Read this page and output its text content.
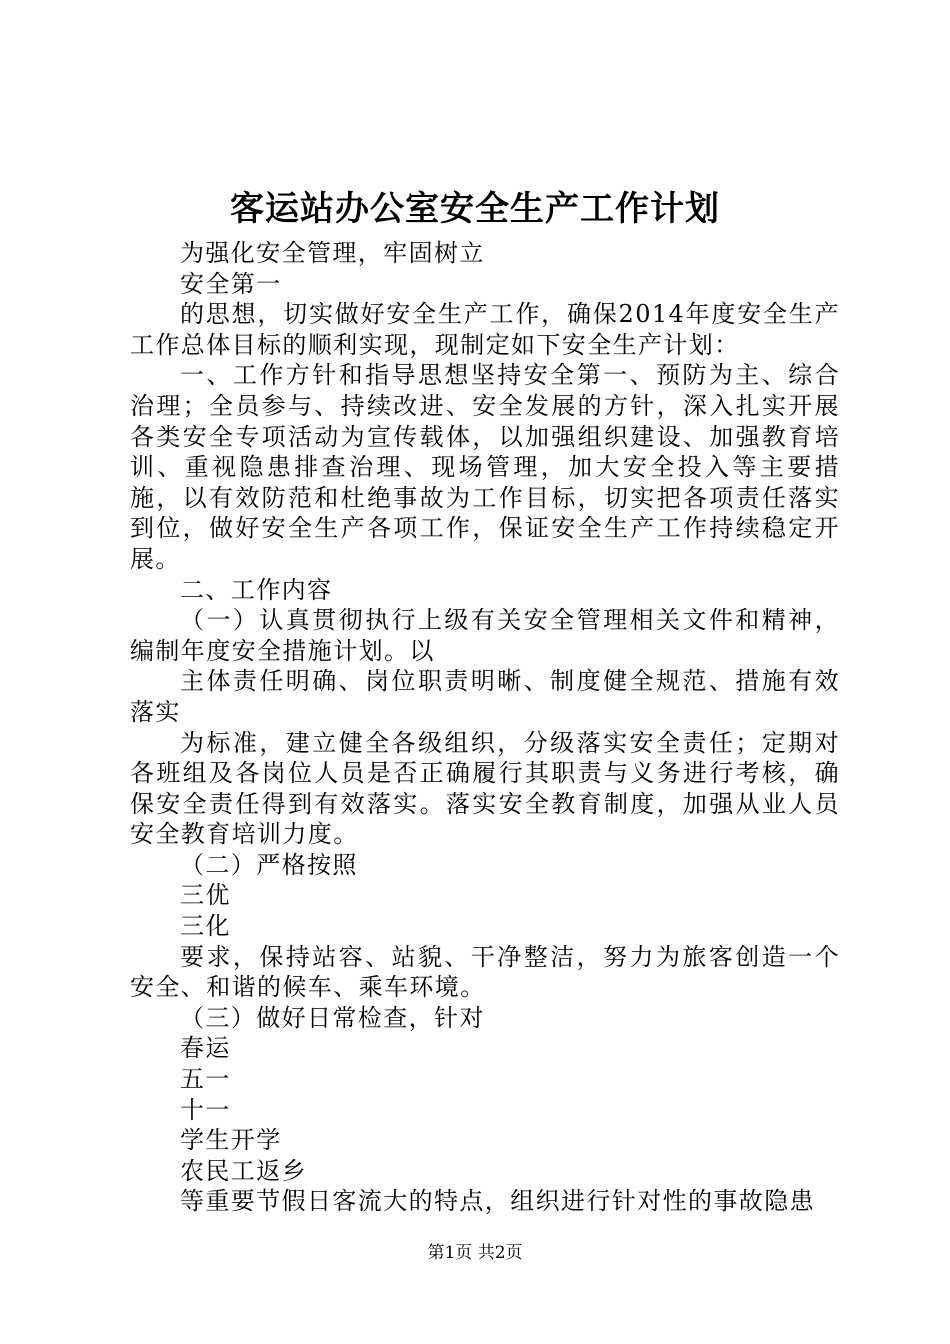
客运站办公室安全生产工作计划

为强化安全管理，牢固树立

安全第一

的思想，切实做好安全生产工作，确保2014年度安全生产工作总体目标的顺利实现，现制定如下安全生产计划：

一、工作方针和指导思想坚持安全第一、预防为主、综合治理；全员参与、持续改进、安全发展的方针，深入扎实开展各类安全专项活动为宣传载体，以加强组织建设、加强教育培训、重视隐患排查治理、现场管理，加大安全投入等主要措施，以有效防范和杜绝事故为工作目标，切实把各项责任落实到位，做好安全生产各项工作，保证安全生产工作持续稳定开展。

二、工作内容

（一）认真贯彻执行上级有关安全管理相关文件和精神，编制年度安全措施计划。以

主体责任明确、岗位职责明晰、制度健全规范、措施有效落实

为标准，建立健全各级组织，分级落实安全责任；定期对各班组及各岗位人员是否正确履行其职责与义务进行考核，确保安全责任得到有效落实。落实安全教育制度，加强从业人员安全教育培训力度。

（二）严格按照

三优

三化

要求，保持站容、站貌、干净整洁，努力为旅客创造一个安全、和谐的候车、乘车环境。

（三）做好日常检查，针对

春运

五一

十一

学生开学

农民工返乡

等重要节假日客流大的特点，组织进行针对性的事故隐患

第1页 共2页
